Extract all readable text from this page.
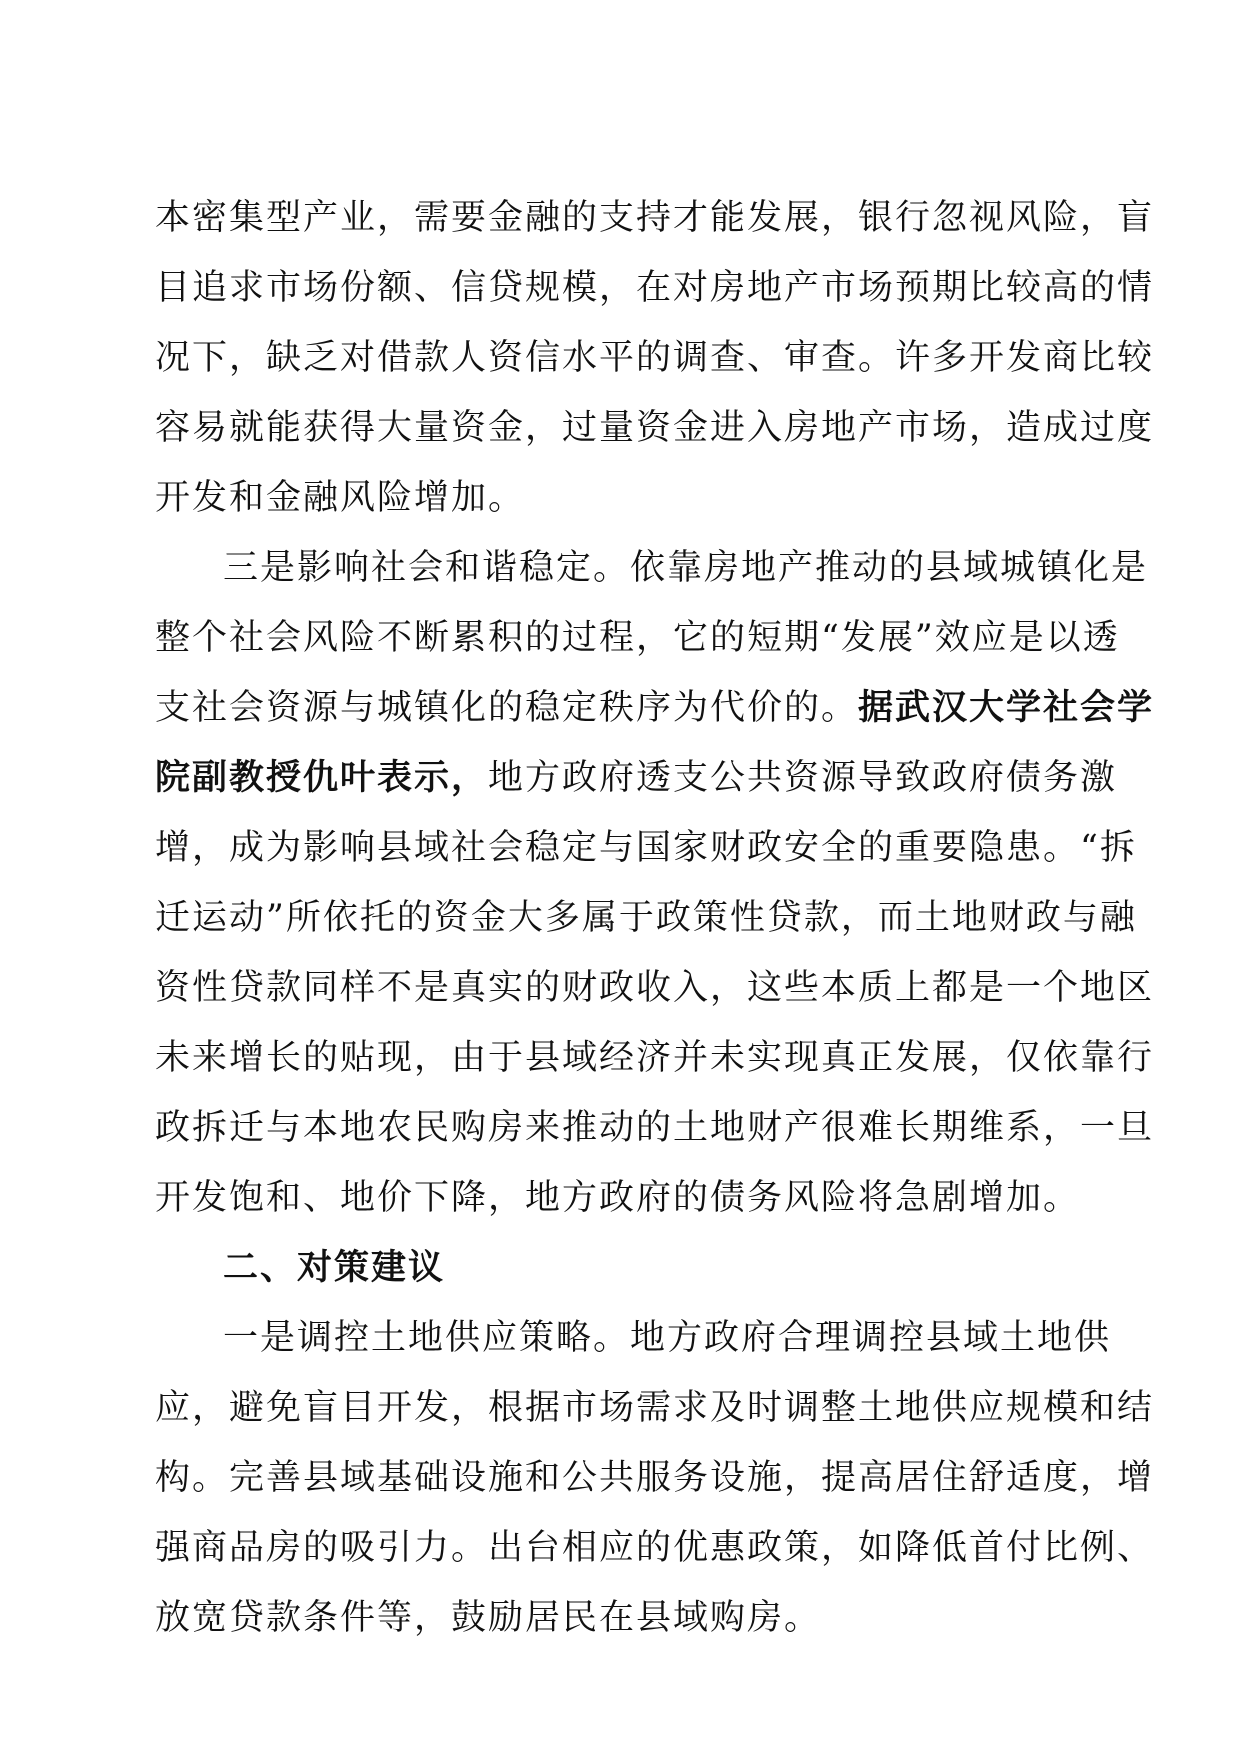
本密集型产业，需要金融的支持才能发展，银行忽视风险，盲
目追求市场份额、信贷规模，在对房地产市场预期比较高的情
况下，缺乏对借款人资信水平的调查、审查。许多开发商比较
容易就能获得大量资金，过量资金进入房地产市场，造成过度
开发和金融风险增加。
三是影响社会和谐稳定。依靠房地产推动的县域城镇化是
整个社会风险不断累积的过程，它的短期“发展”效应是以透
支社会资源与城镇化的稳定秩序为代价的。据武汉大学社会学
院副教授仇叶表示，地方政府透支公共资源导致政府债务激
增，成为影响县域社会稳定与国家财政安全的重要隐患。“拆
迁运动”所依托的资金大多属于政策性贷款，而土地财政与融
资性贷款同样不是真实的财政收入，这些本质上都是一个地区
未来增长的贴现，由于县域经济并未实现真正发展，仅依靠行
政拆迁与本地农民购房来推动的土地财产很难长期维系，一旦
开发饱和、地价下降，地方政府的债务风险将急剧增加。
二、对策建议
一是调控土地供应策略。地方政府合理调控县域土地供
应，避免盲目开发，根据市场需求及时调整土地供应规模和结
构。完善县域基础设施和公共服务设施，提高居住舒适度，增
强商品房的吸引力。出台相应的优惠政策，如降低首付比例、
放宽贷款条件等，鼓励居民在县域购房。
